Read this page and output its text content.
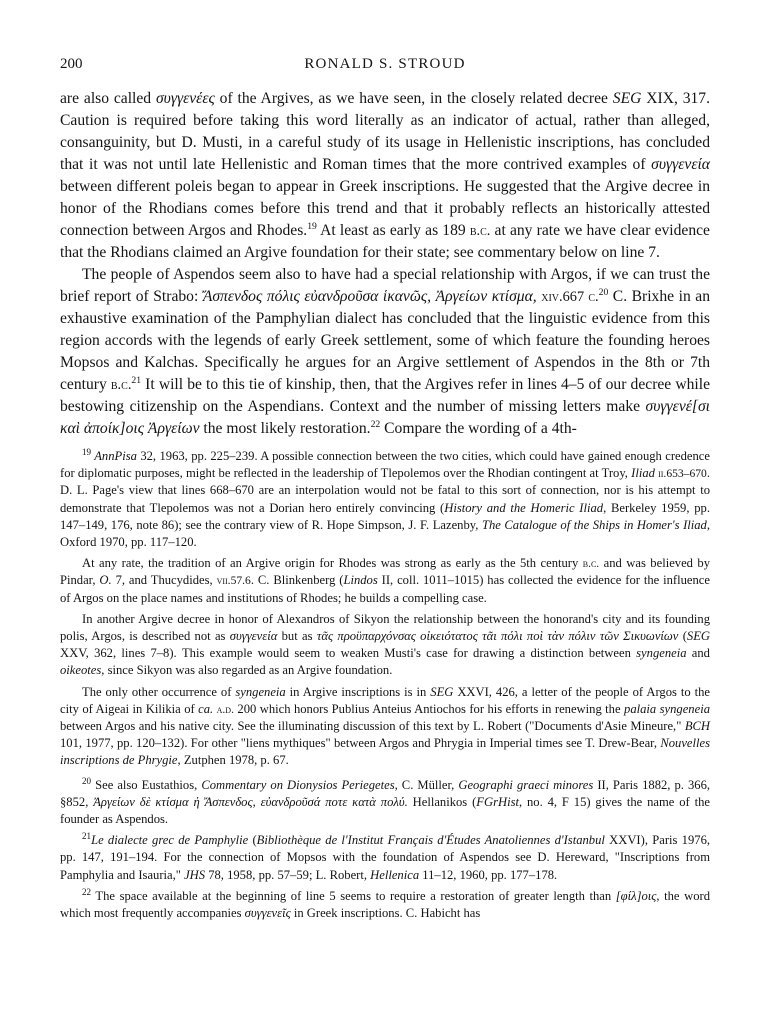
200	RONALD S. STROUD

are also called συγγενέες of the Argives, as we have seen, in the closely related decree SEG XIX, 317. Caution is required before taking this word literally as an indicator of actual, rather than alleged, consanguinity, but D. Musti, in a careful study of its usage in Hellenistic inscriptions, has concluded that it was not until late Hellenistic and Roman times that the more contrived examples of συγγενεία between different poleis began to appear in Greek inscriptions. He suggested that the Argive decree in honor of the Rhodians comes before this trend and that it probably reflects an historically attested connection between Argos and Rhodes.$^{19}$ At least as early as 189 b.c. at any rate we have clear evidence that the Rhodians claimed an Argive foundation for their state; see commentary below on line 7.

The people of Aspendos seem also to have had a special relationship with Argos, if we can trust the brief report of Strabo: Ἄσπενδος πόλις εὐανδροῦσα ἱκανῶς, Ἀργείων κτίσμα, xiv.667 c.$^{20}$ C. Brixhe in an exhaustive examination of the Pamphylian dialect has concluded that the linguistic evidence from this region accords with the legends of early Greek settlement, some of which feature the founding heroes Mopsos and Kalchas. Specifically he argues for an Argive settlement of Aspendos in the 8th or 7th century b.c.$^{21}$ It will be to this tie of kinship, then, that the Argives refer in lines 4–5 of our decree while bestowing citizenship on the Aspendians. Context and the number of missing letters make συγγενέ[σι καὶ ἀποίκ]οις Ἀργείων the most likely restoration.$^{22}$ Compare the wording of a 4th-

$^{19}$ AnnPisa 32, 1963, pp. 225–239. A possible connection between the two cities, which could have gained enough credence for diplomatic purposes, might be reflected in the leadership of Tlepolemos over the Rhodian contingent at Troy, Iliad ii.653–670. D. L. Page's view that lines 668–670 are an interpolation would not be fatal to this sort of connection, nor is his attempt to demonstrate that Tlepolemos was not a Dorian hero entirely convincing (History and the Homeric Iliad, Berkeley 1959, pp. 147–149, 176, note 86); see the contrary view of R. Hope Simpson, J. F. Lazenby, The Catalogue of the Ships in Homer's Iliad, Oxford 1970, pp. 117–120.

At any rate, the tradition of an Argive origin for Rhodes was strong as early as the 5th century b.c. and was believed by Pindar, O. 7, and Thucydides, vii.57.6. C. Blinkenberg (Lindos II, coll. 1011–1015) has collected the evidence for the influence of Argos on the place names and institutions of Rhodes; he builds a compelling case.

In another Argive decree in honor of Alexandros of Sikyon the relationship between the honorand's city and its founding polis, Argos, is described not as συγγενεία but as τᾶς προϋπαρχόνσας οἰκειότατος τᾶι πόλι ποὶ τὰν πόλιν τῶν Σικυωνίων (SEG XXV, 362, lines 7–8). This example would seem to weaken Musti's case for drawing a distinction between syngeneia and oikeotes, since Sikyon was also regarded as an Argive foundation.

The only other occurrence of syngeneia in Argive inscriptions is in SEG XXVI, 426, a letter of the people of Argos to the city of Aigeai in Kilikia of ca. a.d. 200 which honors Publius Anteius Antiochos for his efforts in renewing the palaia syngeneia between Argos and his native city. See the illuminating discussion of this text by L. Robert ("Documents d'Asie Mineure," BCH 101, 1977, pp. 120–132). For other "liens mythiques" between Argos and Phrygia in Imperial times see T. Drew-Bear, Nouvelles inscriptions de Phrygie, Zutphen 1978, p. 67.

$^{20}$ See also Eustathios, Commentary on Dionysios Periegetes, C. Müller, Geographi graeci minores II, Paris 1882, p. 366, §852, Ἀργείων δὲ κτίσμα ἡ Ἄσπενδος, εὐανδροῦσά ποτε κατὰ πολύ. Hellanikos (FGrHist, no. 4, F 15) gives the name of the founder as Aspendos.

$^{21}$Le dialecte grec de Pamphylie (Bibliothèque de l'Institut Français d'Études Anatoliennes d'Istanbul XXVI), Paris 1976, pp. 147, 191–194. For the connection of Mopsos with the foundation of Aspendos see D. Hereward, "Inscriptions from Pamphylia and Isauria," JHS 78, 1958, pp. 57–59; L. Robert, Hellenica 11–12, 1960, pp. 177–178.

$^{22}$ The space available at the beginning of line 5 seems to require a restoration of greater length than [φίλ]οις, the word which most frequently accompanies συγγενεῖς in Greek inscriptions. C. Habicht has
